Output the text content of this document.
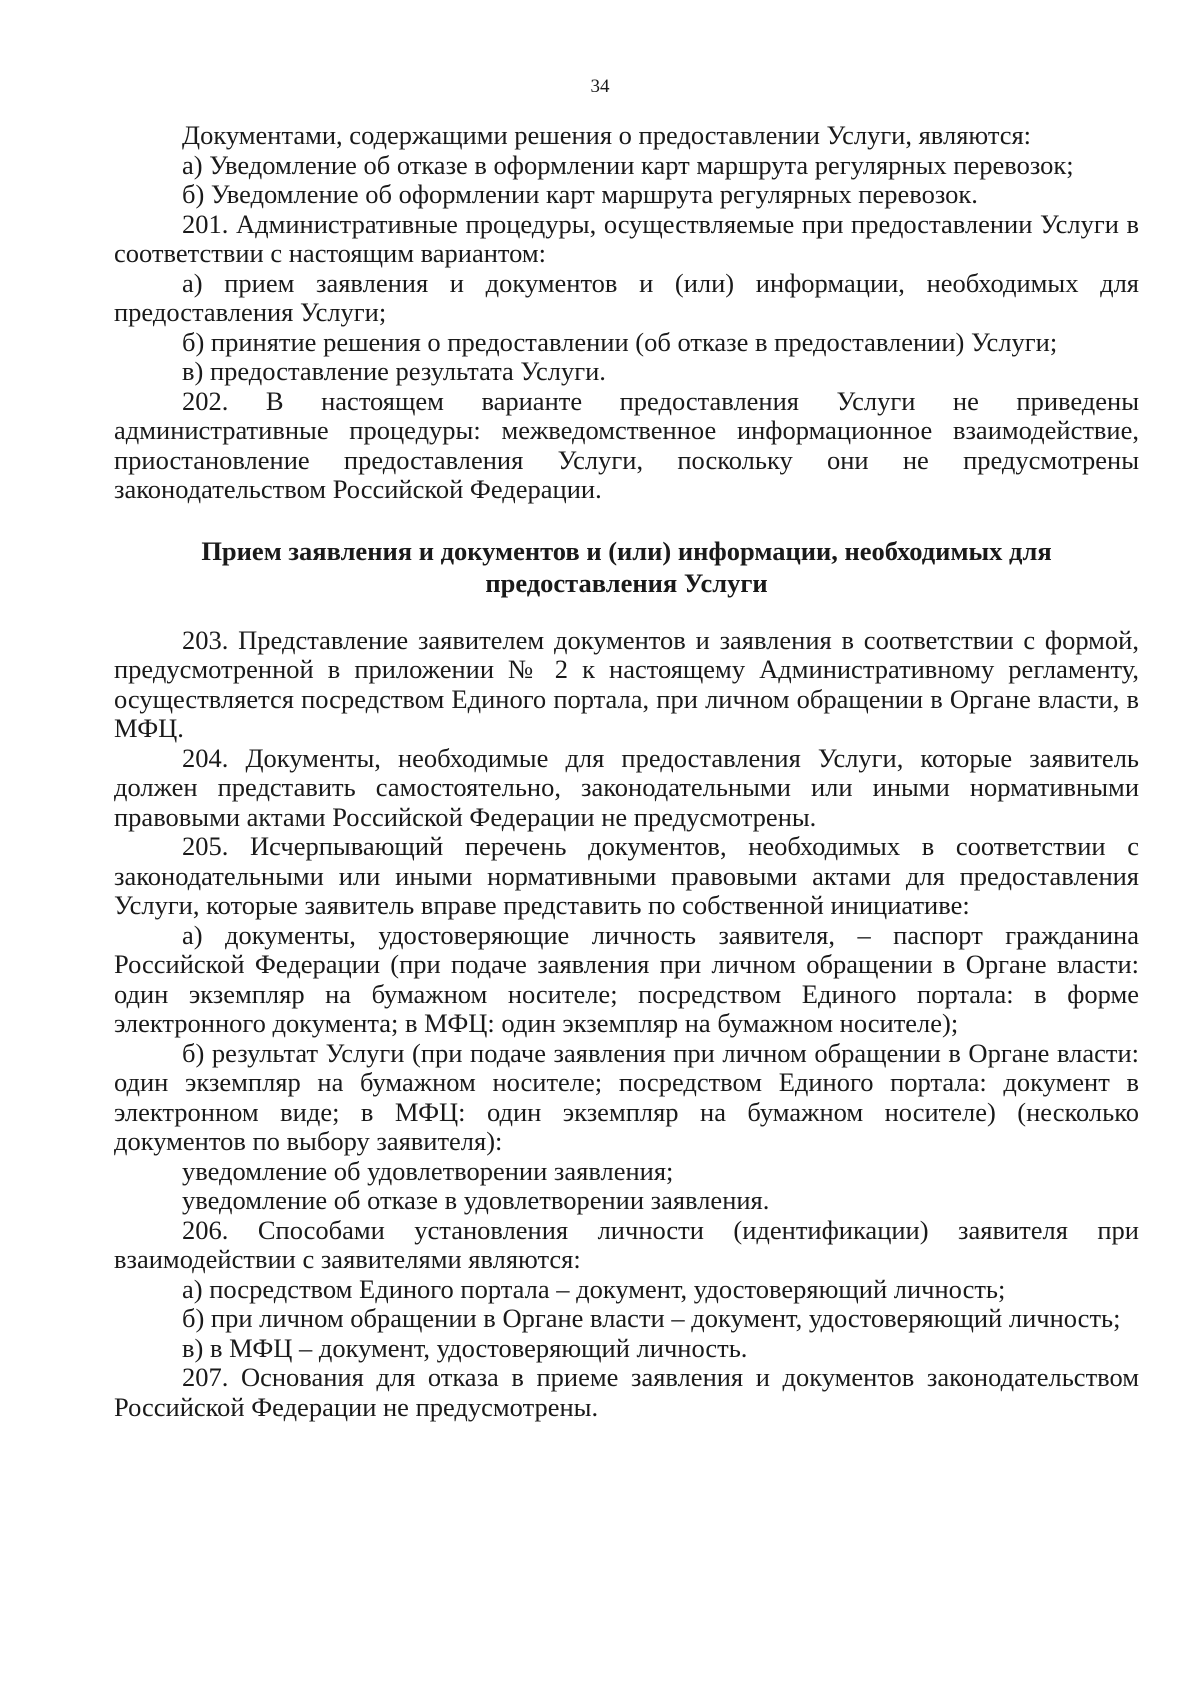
34

Документами, содержащими решения о предоставлении Услуги, являются:

а) Уведомление об отказе в оформлении карт маршрута регулярных перевозок;

б) Уведомление об оформлении карт маршрута регулярных перевозок.

201. Административные процедуры, осуществляемые при предоставлении Услуги в соответствии с настоящим вариантом:

а) прием заявления и документов и (или) информации, необходимых для предоставления Услуги;

б) принятие решения о предоставлении (об отказе в предоставлении) Услуги;

в) предоставление результата Услуги.

202. В настоящем варианте предоставления Услуги не приведены административные процедуры: межведомственное информационное взаимодействие, приостановление предоставления Услуги, поскольку они не предусмотрены законодательством Российской Федерации.

Прием заявления и документов и (или) информации, необходимых для предоставления Услуги

203. Представление заявителем документов и заявления в соответствии с формой, предусмотренной в приложении № 2 к настоящему Административному регламенту, осуществляется посредством Единого портала, при личном обращении в Органе власти, в МФЦ.

204. Документы, необходимые для предоставления Услуги, которые заявитель должен представить самостоятельно, законодательными или иными нормативными правовыми актами Российской Федерации не предусмотрены.

205. Исчерпывающий перечень документов, необходимых в соответствии с законодательными или иными нормативными правовыми актами для предоставления Услуги, которые заявитель вправе представить по собственной инициативе:

а) документы, удостоверяющие личность заявителя, – паспорт гражданина Российской Федерации (при подаче заявления при личном обращении в Органе власти: один экземпляр на бумажном носителе; посредством Единого портала: в форме электронного документа; в МФЦ: один экземпляр на бумажном носителе);

б) результат Услуги (при подаче заявления при личном обращении в Органе власти: один экземпляр на бумажном носителе; посредством Единого портала: документ в электронном виде; в МФЦ: один экземпляр на бумажном носителе) (несколько документов по выбору заявителя):

уведомление об удовлетворении заявления;

уведомление об отказе в удовлетворении заявления.

206. Способами установления личности (идентификации) заявителя при взаимодействии с заявителями являются:

а) посредством Единого портала – документ, удостоверяющий личность;

б) при личном обращении в Органе власти – документ, удостоверяющий личность;

в) в МФЦ – документ, удостоверяющий личность.

207. Основания для отказа в приеме заявления и документов законодательством Российской Федерации не предусмотрены.
